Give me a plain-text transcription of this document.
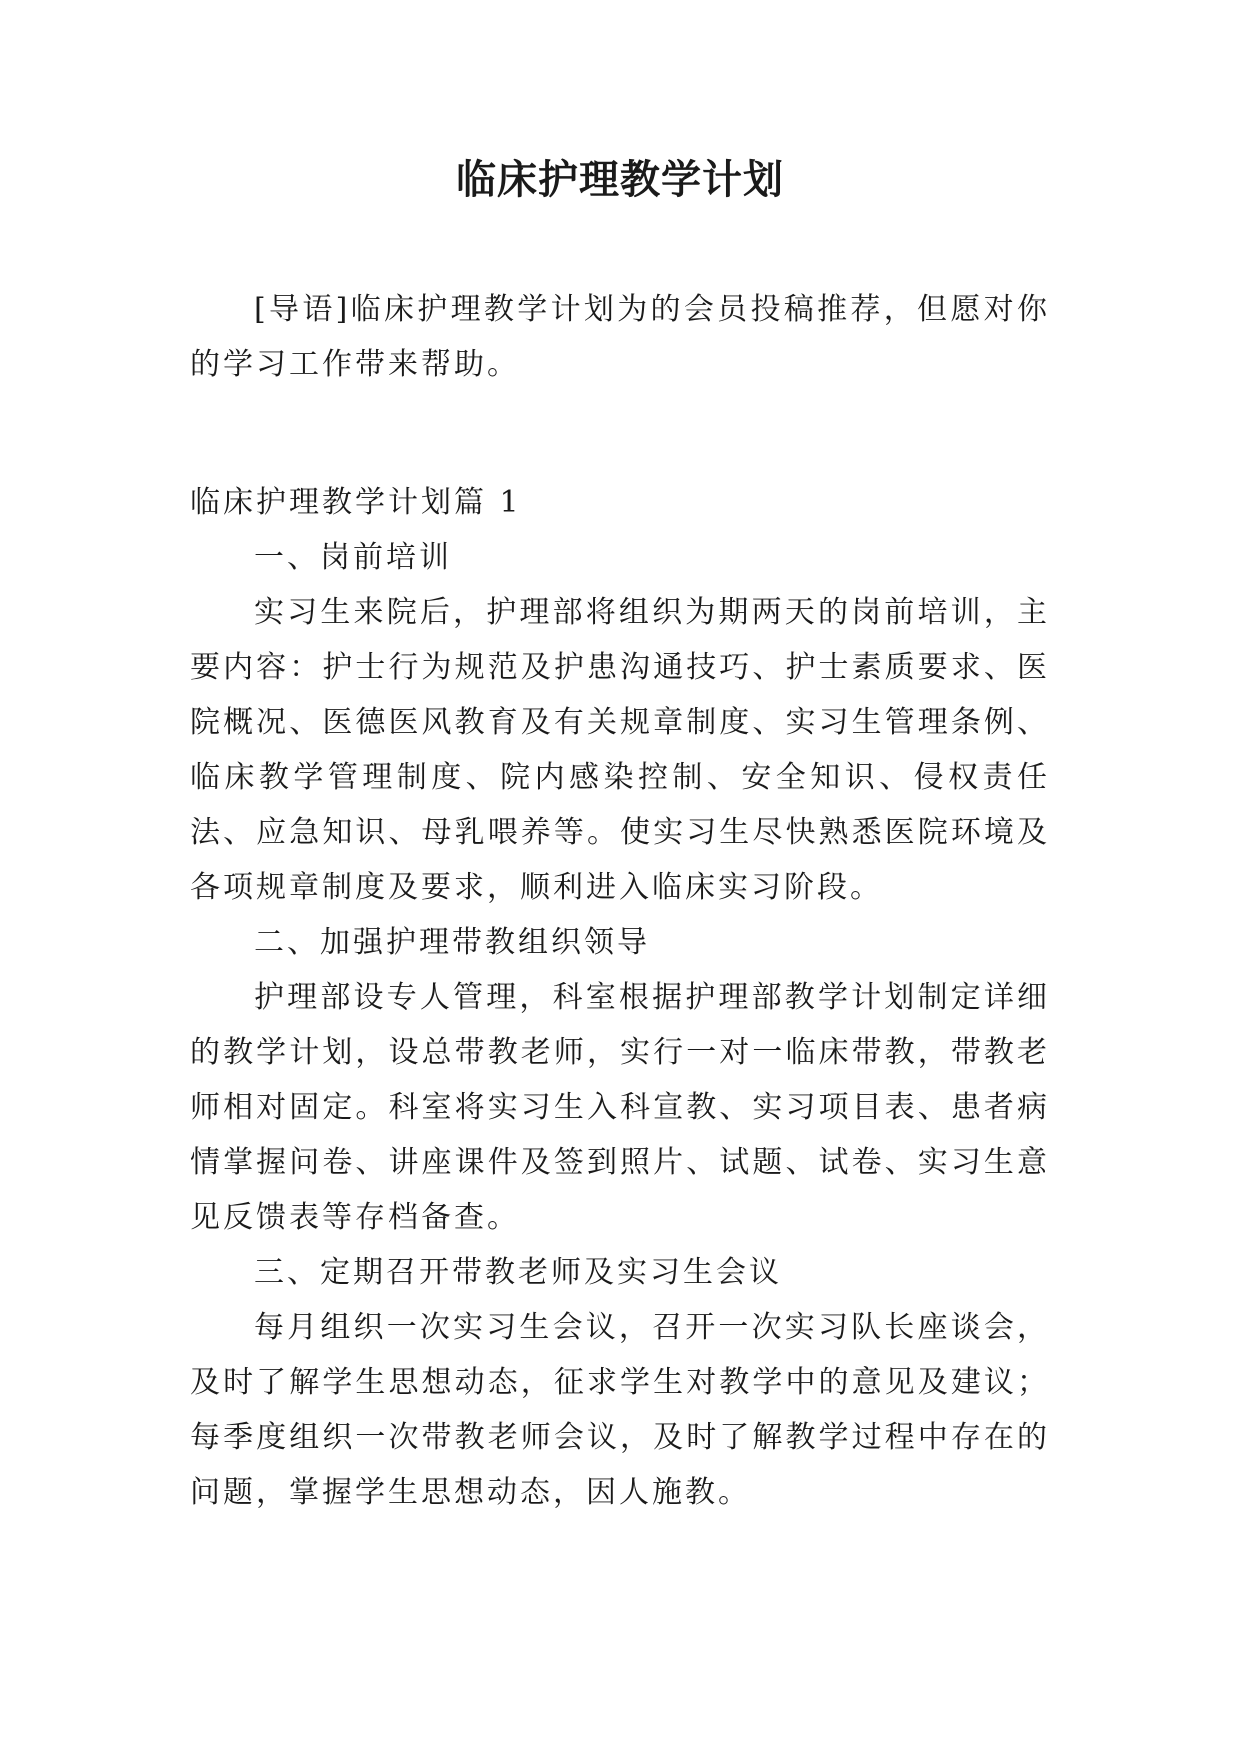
临床护理教学计划

[导语]临床护理教学计划为的会员投稿推荐，但愿对你的学习工作带来帮助。

临床护理教学计划篇 1

一、岗前培训

实习生来院后，护理部将组织为期两天的岗前培训，主要内容：护士行为规范及护患沟通技巧、护士素质要求、医院概况、医德医风教育及有关规章制度、实习生管理条例、临床教学管理制度、院内感染控制、安全知识、侵权责任法、应急知识、母乳喂养等。使实习生尽快熟悉医院环境及各项规章制度及要求，顺利进入临床实习阶段。

二、加强护理带教组织领导

护理部设专人管理，科室根据护理部教学计划制定详细的教学计划，设总带教老师，实行一对一临床带教，带教老师相对固定。科室将实习生入科宣教、实习项目表、患者病情掌握问卷、讲座课件及签到照片、试题、试卷、实习生意见反馈表等存档备查。

三、定期召开带教老师及实习生会议

每月组织一次实习生会议，召开一次实习队长座谈会，及时了解学生思想动态，征求学生对教学中的意见及建议；每季度组织一次带教老师会议，及时了解教学过程中存在的问题，掌握学生思想动态，因人施教。
